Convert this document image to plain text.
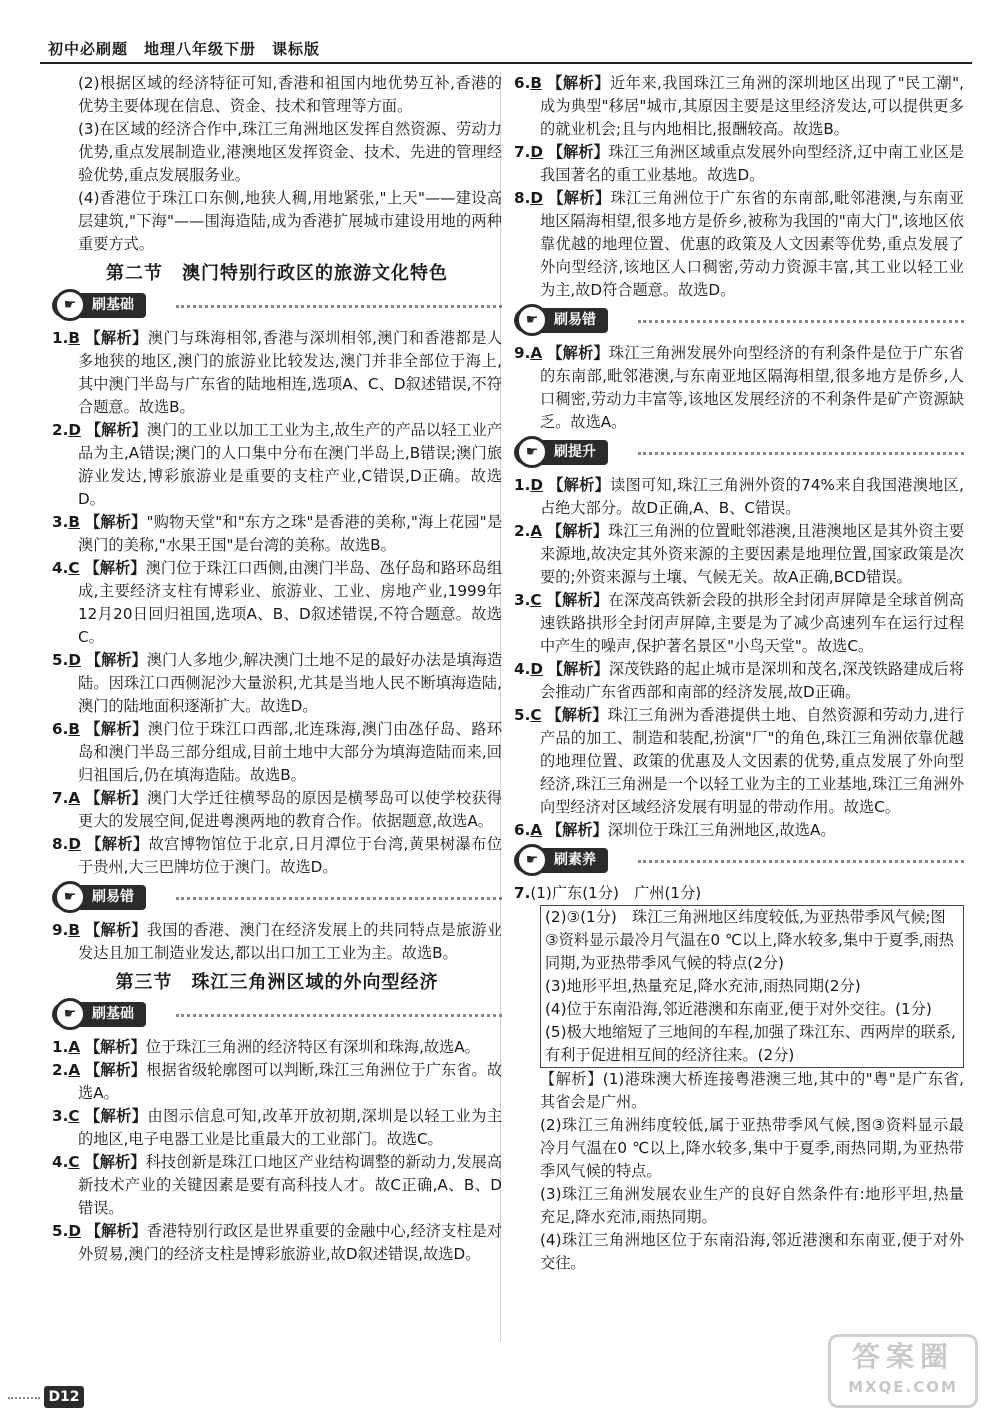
初中必刷题　地理八年级下册　课标版

(2)根据区域的经济特征可知,香港和祖国内地优势互补,香港的优势主要体现在信息、资金、技术和管理等方面。

(3)在区域的经济合作中,珠江三角洲地区发挥自然资源、劳动力优势,重点发展制造业,港澳地区发挥资金、技术、先进的管理经验优势,重点发展服务业。

(4)香港位于珠江口东侧,地狭人稠,用地紧张,"上天"——建设高层建筑,"下海"——围海造陆,成为香港扩展城市建设用地的两种重要方式。

第二节　澳门特别行政区的旅游文化特色
刷基础
☛

1.B 【解析】澳门与珠海相邻,香港与深圳相邻,澳门和香港都是人多地狭的地区,澳门的旅游业比较发达,澳门并非全部位于海上,其中澳门半岛与广东省的陆地相连,选项A、C、D叙述错误,不符合题意。故选B。

2.D 【解析】澳门的工业以加工工业为主,故生产的产品以轻工业产品为主,A错误;澳门的人口集中分布在澳门半岛上,B错误;澳门旅游业发达,博彩旅游业是重要的支柱产业,C错误,D正确。故选D。

3.B 【解析】"购物天堂"和"东方之珠"是香港的美称,"海上花园"是澳门的美称,"水果王国"是台湾的美称。故选B。

4.C 【解析】澳门位于珠江口西侧,由澳门半岛、氹仔岛和路环岛组成,主要经济支柱有博彩业、旅游业、工业、房地产业,1999年12月20日回归祖国,选项A、B、D叙述错误,不符合题意。故选C。

5.D 【解析】澳门人多地少,解决澳门土地不足的最好办法是填海造陆。因珠江口西侧泥沙大量淤积,尤其是当地人民不断填海造陆,澳门的陆地面积逐渐扩大。故选D。

6.B 【解析】澳门位于珠江口西部,北连珠海,澳门由氹仔岛、路环岛和澳门半岛三部分组成,目前土地中大部分为填海造陆而来,回归祖国后,仍在填海造陆。故选B。

7.A 【解析】澳门大学迁往横琴岛的原因是横琴岛可以使学校获得更大的发展空间,促进粤澳两地的教育合作。依据题意,故选A。

8.D 【解析】故宫博物馆位于北京,日月潭位于台湾,黄果树瀑布位于贵州,大三巴牌坊位于澳门。故选D。

刷易错
☛

9.B 【解析】我国的香港、澳门在经济发展上的共同特点是旅游业发达且加工制造业发达,都以出口加工工业为主。故选B。

第三节　珠江三角洲区域的外向型经济
刷基础
☛

1.A 【解析】位于珠江三角洲的经济特区有深圳和珠海,故选A。

2.A 【解析】根据省级轮廓图可以判断,珠江三角洲位于广东省。故选A。

3.C 【解析】由图示信息可知,改革开放初期,深圳是以轻工业为主的地区,电子电器工业是比重最大的工业部门。故选C。

4.C 【解析】科技创新是珠江口地区产业结构调整的新动力,发展高新技术产业的关键因素是要有高科技人才。故C正确,A、B、D错误。

5.D 【解析】香港特别行政区是世界重要的金融中心,经济支柱是对外贸易,澳门的经济支柱是博彩旅游业,故D叙述错误,故选D。

6.B 【解析】近年来,我国珠江三角洲的深圳地区出现了"民工潮",成为典型"移居"城市,其原因主要是这里经济发达,可以提供更多的就业机会;且与内地相比,报酬较高。故选B。

7.D 【解析】珠江三角洲区域重点发展外向型经济,辽中南工业区是我国著名的重工业基地。故选D。

8.D 【解析】珠江三角洲位于广东省的东南部,毗邻港澳,与东南亚地区隔海相望,很多地方是侨乡,被称为我国的"南大门",该地区依靠优越的地理位置、优惠的政策及人文因素等优势,重点发展了外向型经济,该地区人口稠密,劳动力资源丰富,其工业以轻工业为主,故D符合题意。故选D。

刷易错
☛

9.A 【解析】珠江三角洲发展外向型经济的有利条件是位于广东省的东南部,毗邻港澳,与东南亚地区隔海相望,很多地方是侨乡,人口稠密,劳动力丰富等,该地区发展经济的不利条件是矿产资源缺乏。故选A。

刷提升
☛

1.D 【解析】读图可知,珠江三角洲外资的74%来自我国港澳地区,占绝大部分。故D正确,A、B、C错误。

2.A 【解析】珠江三角洲的位置毗邻港澳,且港澳地区是其外资主要来源地,故决定其外资来源的主要因素是地理位置,国家政策是次要的;外资来源与土壤、气候无关。故A正确,BCD错误。

3.C 【解析】在深茂高铁新会段的拱形全封闭声屏障是全球首例高速铁路拱形全封闭声屏障,主要是为了减少高速列车在运行过程中产生的噪声,保护著名景区"小鸟天堂"。故选C。

4.D 【解析】深茂铁路的起止城市是深圳和茂名,深茂铁路建成后将会推动广东省西部和南部的经济发展,故D正确。

5.C 【解析】珠江三角洲为香港提供土地、自然资源和劳动力,进行产品的加工、制造和装配,扮演"厂"的角色,珠江三角洲依靠优越的地理位置、政策的优惠及人文因素的优势,重点发展了外向型经济,珠江三角洲是一个以轻工业为主的工业基地,珠江三角洲外向型经济对区域经济发展有明显的带动作用。故选C。

6.A 【解析】深圳位于珠江三角洲地区,故选A。

刷素养
☛

7.(1)广东(1分)　广州(1分)

(2)③(1分)　珠江三角洲地区纬度较低,为亚热带季风气候;图③资料显示最冷月气温在0 ℃以上,降水较多,集中于夏季,雨热同期,为亚热带季风气候的特点(2分)

(3)地形平坦,热量充足,降水充沛,雨热同期(2分)

(4)位于东南沿海,邻近港澳和东南亚,便于对外交往。(1分)

(5)极大地缩短了三地间的车程,加强了珠江东、西两岸的联系,有利于促进相互间的经济往来。(2分)

【解析】(1)港珠澳大桥连接粤港澳三地,其中的"粤"是广东省,其省会是广州。

(2)珠江三角洲纬度较低,属于亚热带季风气候,图③资料显示最冷月气温在0 ℃以上,降水较多,集中于夏季,雨热同期,为亚热带季风气候的特点。

(3)珠江三角洲发展农业生产的良好自然条件有:地形平坦,热量充足,降水充沛,雨热同期。

(4)珠江三角洲地区位于东南沿海,邻近港澳和东南亚,便于对外交往。

D12
答案圈
MXQE.COM
